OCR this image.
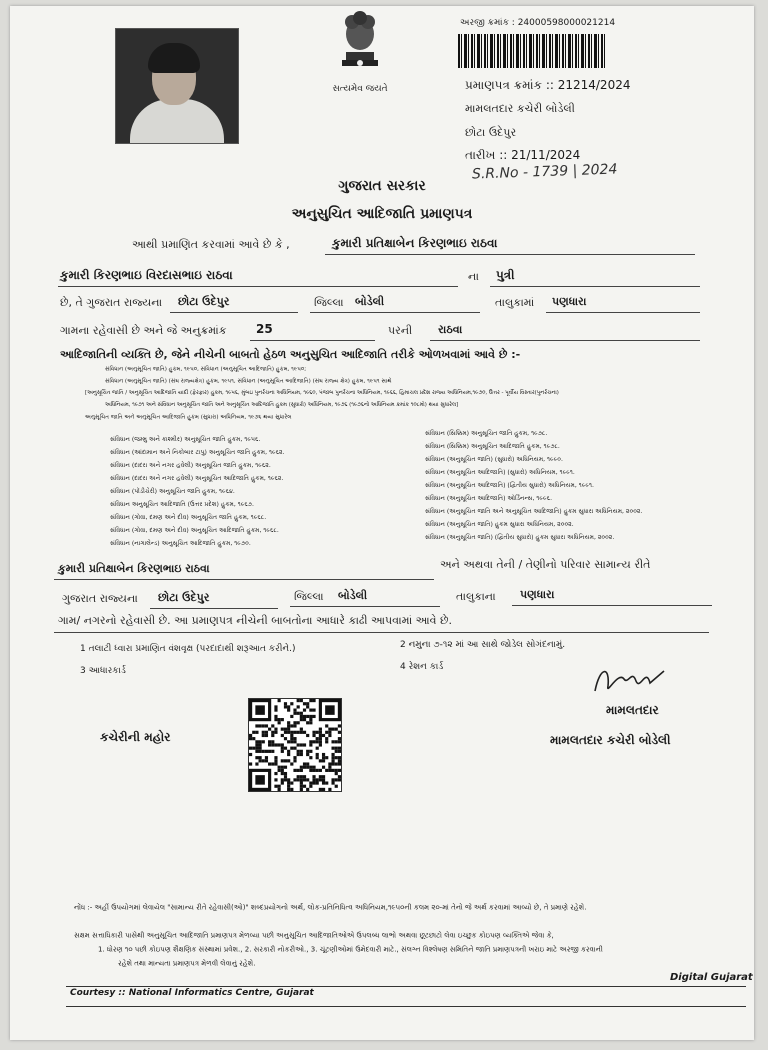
સત્યમેવ જયતે
અરજી ક્રમાંક : 24000598000021214
પ્રમાણપત્ર ક્રમાંક :: 21214/2024
મામલતદાર કચેરી બોડેલી
છોટા ઉદેપુર
તારીખ :: 21/11/2024
S.R.No - 1739 | 2024
ગુજરાત સરકાર
અનુસુચિત આદિજાતિ પ્રમાણપત્ર
આથી પ્રમાણિત કરવામાં આવે છે કે ,	કુમારી પ્રતિક્ષાબેન કિરણભાઇ રાઠવા
કુમારી કિરણભાઇ વિરદાસભાઇ રાઠવા	ના પુત્રી
છે, તે ગુજરાત રાજ્યના છોટા ઉદેપુર	જિલ્લા બોડેલી	તાલુકામાં પણધારા
ગામના રહેવાસી છે અને જે અનુક્રમાંક 25	પરની રાઠવા
આદિજાતિની વ્યક્તિ છે, જેને નીચેની બાબતો હેઠળ અનુસુચિત આદિજાતિ તરીકે ઓળખવામાં આવે છે :-
સંવિધાન (અનુસૂચિત જાતિ) હુકમ, ૧૯૫૦, સંવિધાન (અનુસૂચિત આદિજાતિ) હુકમ, ૧૯૫૦;
સંવિધાન (અનુસૂચિત જાતિ) (સંઘ રાજ્યક્ષેત્ર) હુકમ, ૧૯૫૧, સંવિધાન (અનુસૂચિત આદિજાતિ) (સંઘ રાજ્ય ક્ષેત્ર) હુકમ, ૧૯૫૧ સાથે
[અનુસૂચિત જાતિ / અનુસૂચિત આદિજાતિ યાદી (ફેરફાર) હુકમ, ૧૯૫૬, મુંબઇ પુનર્રચના અધિનિયમ, ૧૯૬૦, પંજાબ પુનર્રચના અધિનિયમ, ૧૯૬૬, હિમાચલ પ્રદેશ રાજ્ય અધિનિયમ,૧૯૭૦, ઉત્તર - પૂર્વીય વિસ્તાર(પુનર્રચના)
અધિનિયમ, ૧૯૭૧ અને સંવિધાન અનુસૂચિત જાતિ અને અનુસૂચિત આદિજાતિ હુકમ (સુધારો) અધિનિયમ, ૧૯૭૬ (૧૯૭૬નો અધિનિયમ ક્રમાંક ૧૦૮મો) થયા સુધારેલ]
અનુસૂચિત જાતિ અને અનુસૂચિત આદિજાતિ હુકમ (સુધારા) અધિનિયમ, ૧૯૭૬ થયા સુધારેલ
સંવિધાન (જમ્મુ અને કાશ્મીર) અનુસૂચિત જાતિ હુકમ, ૧૯૫૬.
સંવિધાન (આંદામાન અને નિકોબાર ટાપુ) અનુસૂચિત જાતિ હુકમ, ૧૯૬૨.
સંવિધાન (દાદરા અને નગર હવેલી) અનુસૂચિત જાતિ હુકમ, ૧૯૬૨.
સંવિધાન (દાદરા અને નગર હવેલી) અનુસૂચિત આદિજાતિ હુકમ, ૧૯૬૨.
સંવિધાન (પોંડીચેરી) અનુસૂચિત જાતિ હુકમ, ૧૯૬૪.
સંવિધાન અનુસૂચિત આદિજાતિ (ઉત્તર પ્રદેશ) હુકમ, ૧૯૬૭.
સંવિધાન (ગોવા, દમણ અને દીવ) અનુસૂચિત જાતિ હુકમ, ૧૯૬૮.
સંવિધાન (ગોવા, દમણ અને દીવ) અનુસૂચિત આદિજાતિ હુકમ, ૧૯૬૮.
સંવિધાન (નાગાલેન્ડ) અનુસૂચિત આદિજાતિ હુકમ, ૧૯૭૦.
સંવિધાન (સિક્કિમ) અનુસૂચિત જાતિ હુકમ, ૧૯૭૮.
સંવિધાન (સિક્કિમ) અનુસૂચિત આદિજાતિ હુકમ, ૧૯૭૮.
સંવિધાન (અનુસૂચિત જાતિ) (સુધારો) અધિનિયમ, ૧૯૯૦.
સંવિધાન (અનુસૂચિત આદિજાતિ) (સુધારો) અધિનિયમ, ૧૯૯૧.
સંવિધાન (અનુસૂચિત આદિજાતિ) (દ્વિતીય સુધારો) અધિનિયમ, ૧૯૯૧.
સંવિધાન (અનુસૂચિત આદિજાતિ) ઓર્ડિનન્સ, ૧૯૯૬.
સંવિધાન (અનુસૂચિત જાતિ અને અનુસૂચિત આદિજાતિ) હુકમ સુધારા અધિનિયમ, ૨૦૦૨.
સંવિધાન (અનુસૂચિત જાતિ) હુકમ સુધારા અધિનિયમ, ૨૦૦૨.
સંવિધાન (અનુસૂચિત જાતિ) (દ્વિતીય સુધારો) હુકમ સુધારા અધિનિયમ, ૨૦૦૨.
કુમારી પ્રતિક્ષાબેન કિરણભાઇ રાઠવા	અને અથવા તેની / તેણીનો પરિવાર સામાન્ય રીતે
ગુજરાત રાજ્યના છોટા ઉદેપુર	જિલ્લા બોડેલી	તાલુકાના પણધારા
ગામ/ નગરનો રહેવાસી છે. આ પ્રમાણપત્ર નીચેની બાબતોના આધારે કાઢી આપવામાં આવે છે.
1 તલાટી ધ્વારા પ્રમાણિત વંશવૃક્ષ (પરદાદાથી શરૂઆત કરીને.)	2 નમુના ૭-૧૨ માં આ સાથે જોડેલ સોગંદનામું.
3 આધારકાર્ડ	4 રેશન કાર્ડ
મામલતદાર
મામલતદાર કચેરી બોડેલી
કચેરીની મહોર
નોંધ :- અહીં ઉપયોગમાં લેવાયેલ "સામાન્ય રીતે રહેવાસી(ઓ)" શબ્દપ્રયોગનો અર્થ, લોક-પ્રતિનિધિત્વ અધિનિયમ,૧૯૫૦ની કલમ ૨૦-માં તેનો જે અર્થ કરવામાં આવ્યો છે, તે પ્રમાણે રહેશે.
સક્ષમ સત્તાધિકારી પાસેથી અનુસૂચિત આદિજાતિ પ્રમાણપત્ર મેળવ્યા પછી અનુસૂચિત આદિજાતિઓએ ઉપલબ્ધ લાભો અથવા છૂટછાટો લેવા ઇચ્છુક કોઇપણ વ્યક્તિએ જેવા કે,
1. ધોરણ ૧૦ પછી કોઇપણ શૈક્ષણિક સંસ્થામાં પ્રવેશ., 2. સરકારી નોકરીઓ., 3. ચૂંટણીઓમાં ઉમેદવારી માટે., સંલગ્ન વિશ્લેષણ સમિતિને જાતિ પ્રમાણપત્રની ખરાઇ માટે અરજી કરવાની
રહેશે તથા માન્યતા પ્રમાણપત્ર મેળવી લેવાનું રહેશે.
Digital Gujarat
Courtesy :: National Informatics Centre, Gujarat
